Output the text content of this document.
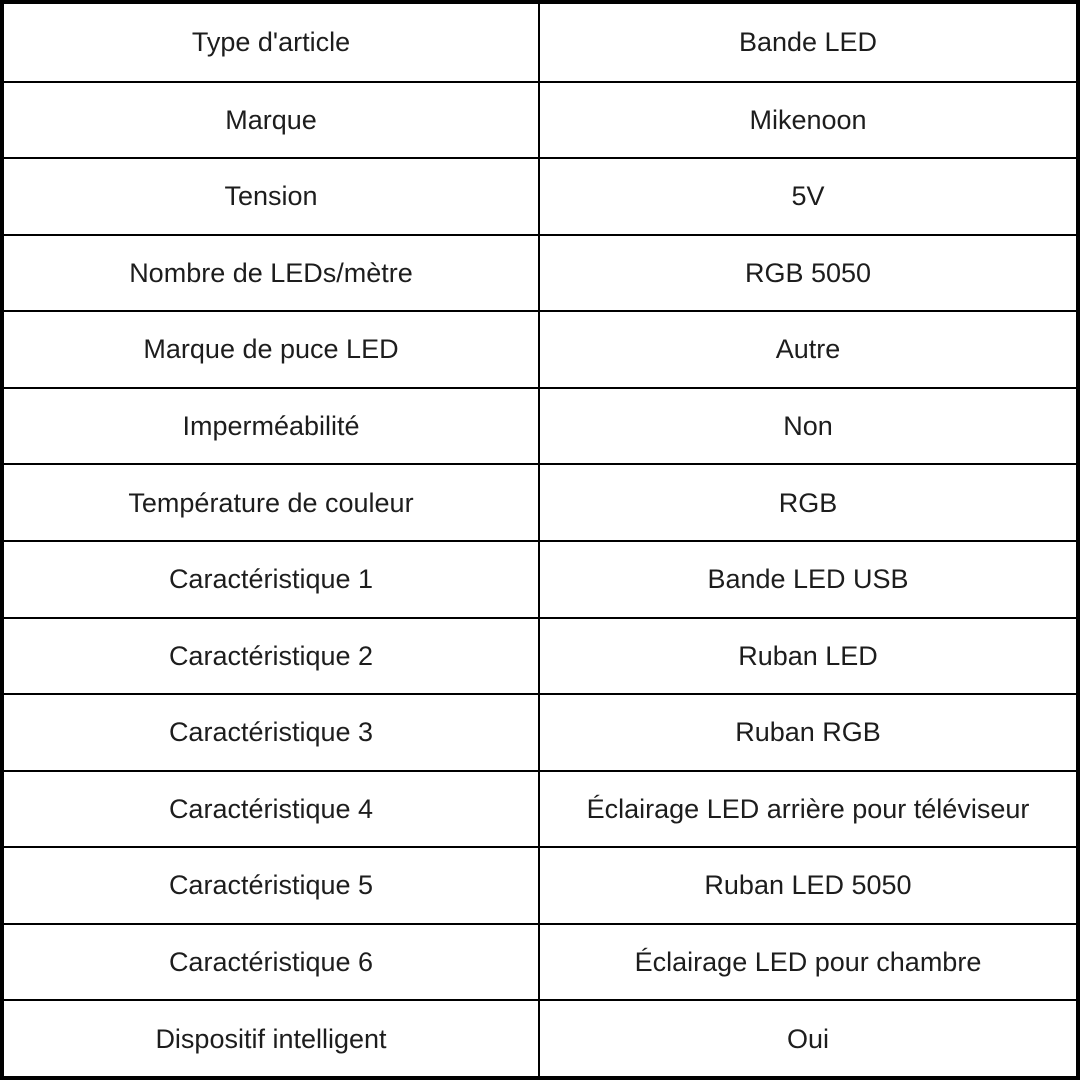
Type d'article	Bande LED
Marque	Mikenoon
Tension	5V
Nombre de LEDs/mètre	RGB 5050
Marque de puce LED	Autre
Imperméabilité	Non
Température de couleur	RGB
Caractéristique 1	Bande LED USB
Caractéristique 2	Ruban LED
Caractéristique 3	Ruban RGB
Caractéristique 4	Éclairage LED arrière pour téléviseur
Caractéristique 5	Ruban LED 5050
Caractéristique 6	Éclairage LED pour chambre
Dispositif intelligent	Oui
